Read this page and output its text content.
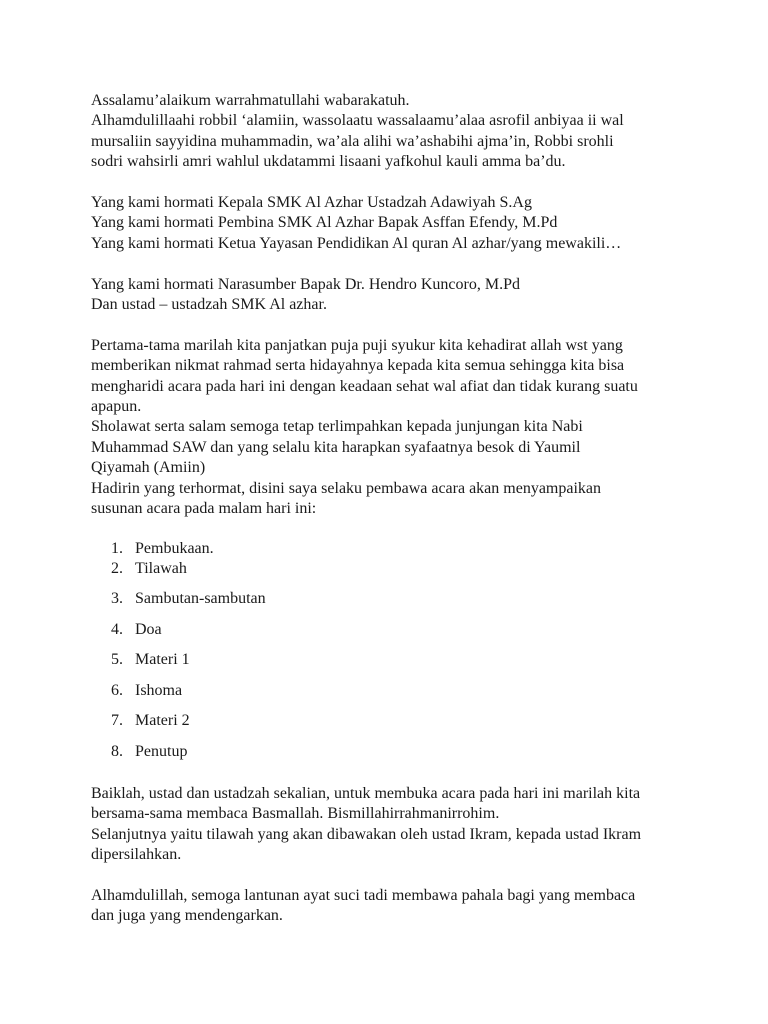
Assalamu’alaikum warrahmatullahi wabarakatuh.

Alhamdulillaahi robbil ‘alamiin, wassolaatu wassalaamu’alaa asrofil anbiyaa ii wal

mursaliin sayyidina muhammadin, wa’ala alihi wa’ashabihi ajma’in, Robbi srohli

sodri wahsirli amri wahlul ukdatammi lisaani yafkohul kauli amma ba’du.

Yang kami hormati Kepala SMK Al Azhar Ustadzah Adawiyah S.Ag

Yang kami hormati Pembina SMK Al Azhar Bapak Asffan Efendy, M.Pd

Yang kami hormati Ketua Yayasan Pendidikan Al quran Al azhar/yang mewakili…

Yang kami hormati Narasumber Bapak Dr. Hendro Kuncoro, M.Pd

Dan ustad – ustadzah SMK Al azhar.

Pertama-tama marilah kita panjatkan puja puji syukur kita kehadirat allah wst yang

memberikan nikmat rahmad serta hidayahnya kepada kita semua sehingga kita bisa

mengharidi acara pada hari ini dengan keadaan sehat wal afiat dan tidak kurang suatu

apapun.

Sholawat serta salam semoga tetap terlimpahkan kepada junjungan kita Nabi

Muhammad SAW dan yang selalu kita harapkan syafaatnya besok di Yaumil

Qiyamah (Amiin)

Hadirin yang terhormat, disini saya selaku pembawa acara akan menyampaikan

susunan acara pada malam hari ini:

1. Pembukaan.
2. Tilawah
3. Sambutan-sambutan
4. Doa
5. Materi 1
6. Ishoma
7. Materi 2
8. Penutup

Baiklah, ustad dan ustadzah sekalian, untuk membuka acara pada hari ini marilah kita

bersama-sama membaca Basmallah. Bismillahirrahmanirrohim.

Selanjutnya yaitu tilawah yang akan dibawakan oleh ustad Ikram, kepada ustad Ikram

dipersilahkan.

Alhamdulillah, semoga lantunan ayat suci tadi membawa pahala bagi yang membaca

dan juga yang mendengarkan.
